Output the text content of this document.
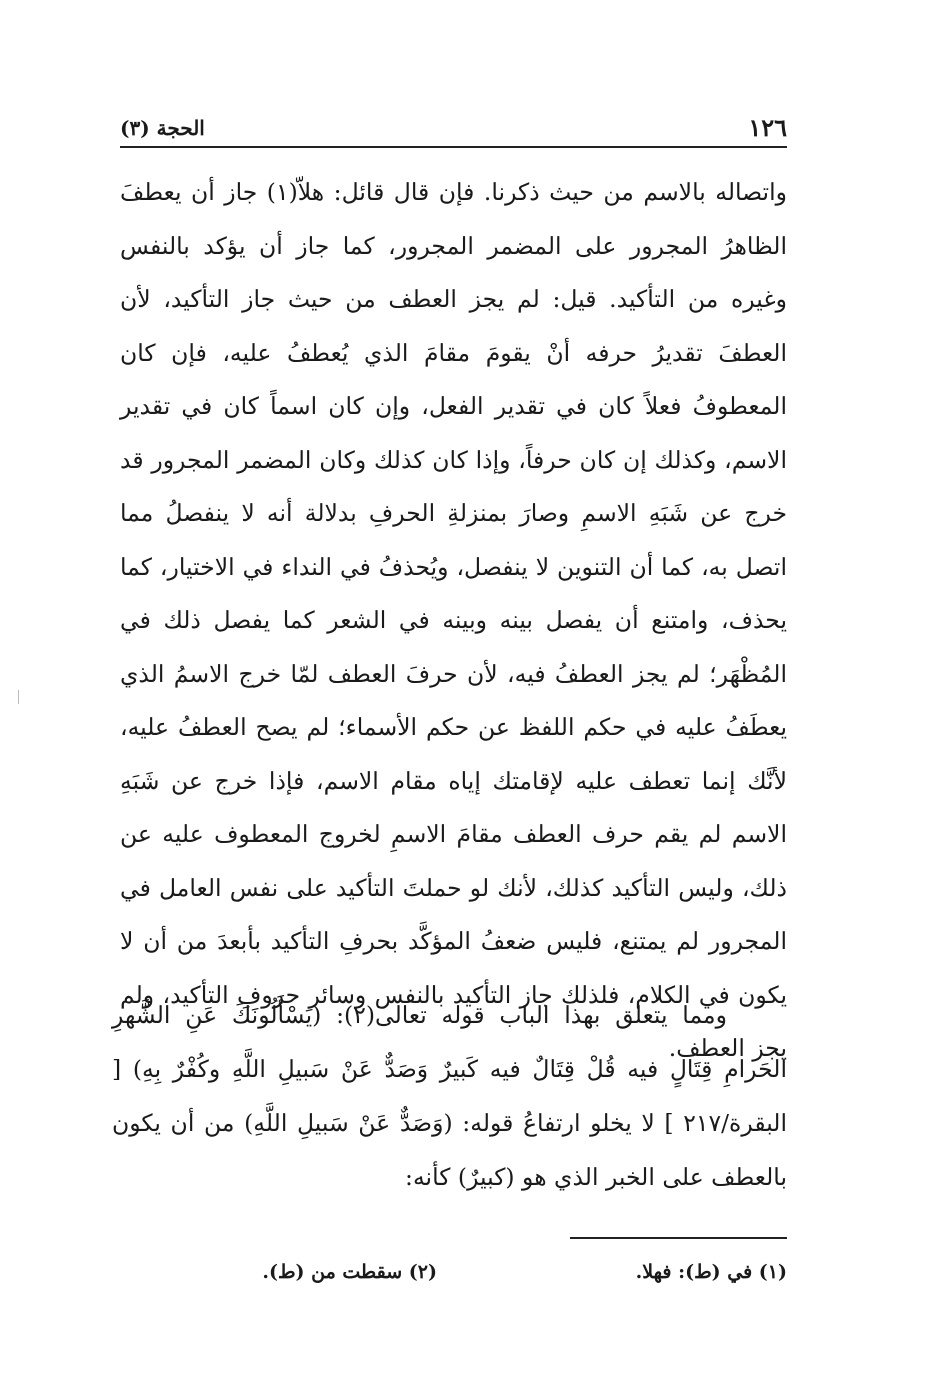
١٢٦
الحجة (٣)

واتصاله بالاسم من حيث ذكرنا. فإن قال قائل: هلاّ(١) جاز أن يعطفَ الظاهرُ المجرور على المضمر المجرور، كما جاز أن يؤكد بالنفس وغيره من التأكيد. قيل: لم يجز العطف من حيث جاز التأكيد، لأن العطفَ تقديرُ حرفه أنْ يقومَ مقامَ الذي يُعطفُ عليه، فإن كان المعطوفُ فعلاً كان في تقدير الفعل، وإن كان اسماً كان في تقدير الاسم، وكذلك إن كان حرفاً، وإذا كان كذلك وكان المضمر المجرور قد خرج عن شَبَهِ الاسمِ وصارَ بمنزلةِ الحرفِ بدلالة أنه لا ينفصلُ مما اتصل به، كما أن التنوين لا ينفصل، ويُحذفُ في النداء في الاختيار، كما يحذف، وامتنع أن يفصل بينه وبينه في الشعر كما يفصل ذلك في المُظْهَر؛ لم يجز العطفُ فيه، لأن حرفَ العطف لمّا خرج الاسمُ الذي يعطَفُ عليه في حكم اللفظ عن حكم الأسماء؛ لم يصح العطفُ عليه، لأنَّك إنما تعطف عليه لإقامتك إياه مقام الاسم، فإذا خرج عن شَبَهِ الاسم لم يقم حرف العطف مقامَ الاسمِ لخروج المعطوف عليه عن ذلك، وليس التأكيد كذلك، لأنك لو حملتَ التأكيد على نفس العامل في المجرور لم يمتنع، فليس ضعفُ المؤكَّد بحرفِ التأكيد بأبعدَ من أن لا يكون في الكلام، فلذلك جاز التأكيد بالنفس وسائر حروفِ التأكيد، ولم يجز العطف.

ومما يتعلق بهذا الباب قوله تعالى(٢): (يَسْأَلُونَكَ عَنِ الشَّهرِ الحَرامِ قِتَالٍ فيه قُلْ قِتَالٌ فيه كَبيرٌ وَصَدٌّ عَنْ سَبيلِ اللَّهِ وكُفْرٌ بِهِ) [ البقرة/٢١٧ ] لا يخلو ارتفاعُ قوله: (وَصَدٌّ عَنْ سَبيلِ اللَّهِ) من أن يكون بالعطف على الخبر الذي هو (كبيرٌ) كأنه:
(١) في (ط): فهلا.
(٢) سقطت من (ط).
